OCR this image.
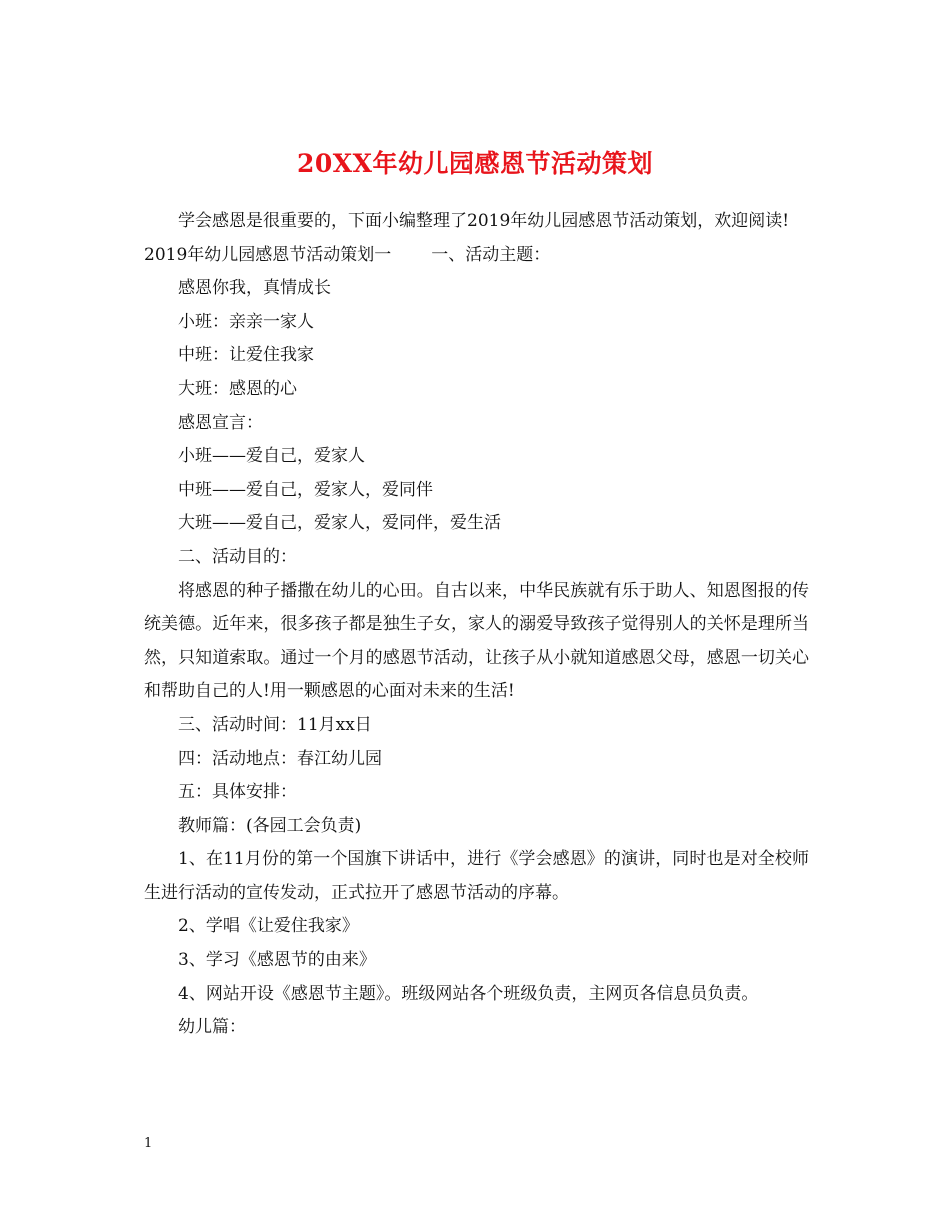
20XX年幼儿园感恩节活动策划

学会感恩是很重要的，下面小编整理了2019年幼儿园感恩节活动策划，欢迎阅读!

2019年幼儿园感恩节活动策划一 一、活动主题：

感恩你我，真情成长

小班：亲亲一家人

中班：让爱住我家

大班：感恩的心

感恩宣言：

小班——爱自己，爱家人

中班——爱自己，爱家人，爱同伴

大班——爱自己，爱家人，爱同伴，爱生活

二、活动目的：

将感恩的种子播撒在幼儿的心田。自古以来，中华民族就有乐于助人、知恩图报的传统美德。近年来，很多孩子都是独生子女，家人的溺爱导致孩子觉得别人的关怀是理所当然，只知道索取。通过一个月的感恩节活动，让孩子从小就知道感恩父母，感恩一切关心和帮助自己的人!用一颗感恩的心面对未来的生活!

三、活动时间：11月xx日

四：活动地点：春江幼儿园

五：具体安排：

教师篇：(各园工会负责)

1、在11月份的第一个国旗下讲话中，进行《学会感恩》的演讲，同时也是对全校师生进行活动的宣传发动，正式拉开了感恩节活动的序幕。

2、学唱《让爱住我家》

3、学习《感恩节的由来》

4、网站开设《感恩节主题》。班级网站各个班级负责，主网页各信息员负责。

幼儿篇：

1
